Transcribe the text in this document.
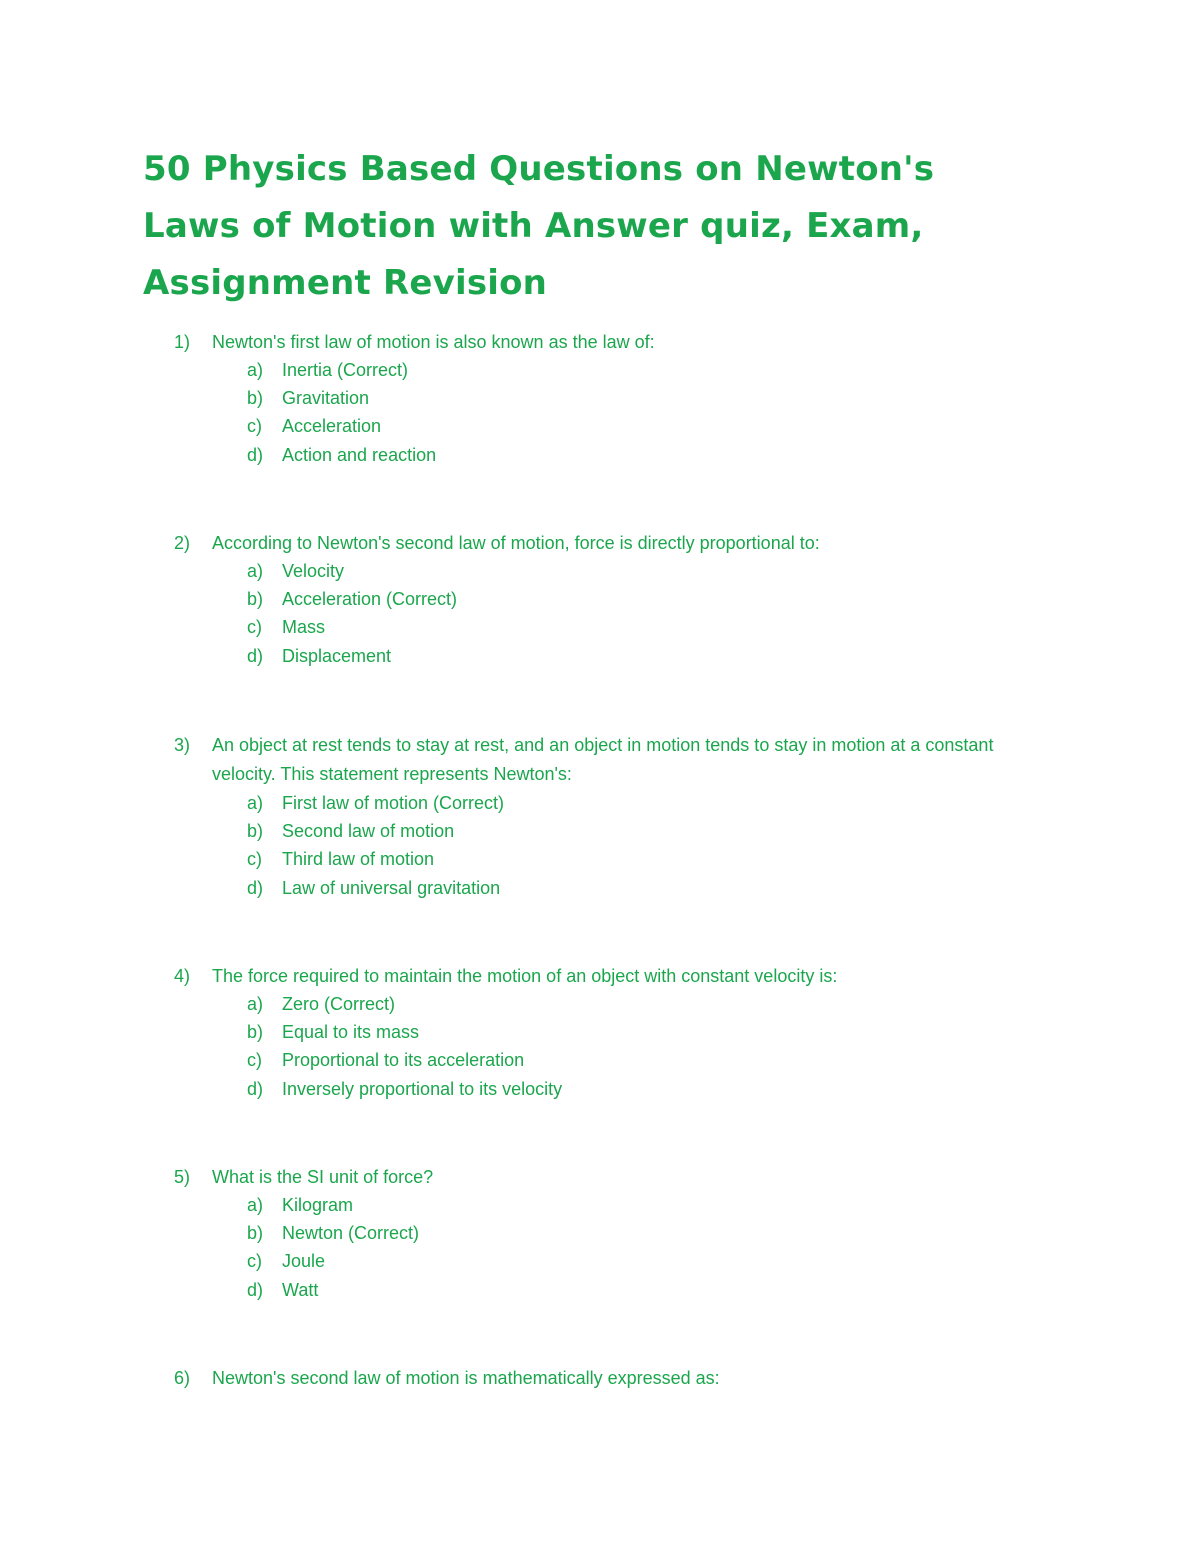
50 Physics Based Questions on Newton's Laws of Motion with Answer quiz, Exam, Assignment Revision
1)	Newton's first law of motion is also known as the law of:
a) Inertia (Correct)
b) Gravitation
c) Acceleration
d) Action and reaction
2)	According to Newton's second law of motion, force is directly proportional to:
a) Velocity
b) Acceleration (Correct)
c) Mass
d) Displacement
3)	An object at rest tends to stay at rest, and an object in motion tends to stay in motion at a constant velocity. This statement represents Newton's:
a) First law of motion (Correct)
b) Second law of motion
c) Third law of motion
d) Law of universal gravitation
4)	The force required to maintain the motion of an object with constant velocity is:
a) Zero (Correct)
b) Equal to its mass
c) Proportional to its acceleration
d) Inversely proportional to its velocity
5)	What is the SI unit of force?
a) Kilogram
b) Newton (Correct)
c) Joule
d) Watt
6)	Newton's second law of motion is mathematically expressed as:
